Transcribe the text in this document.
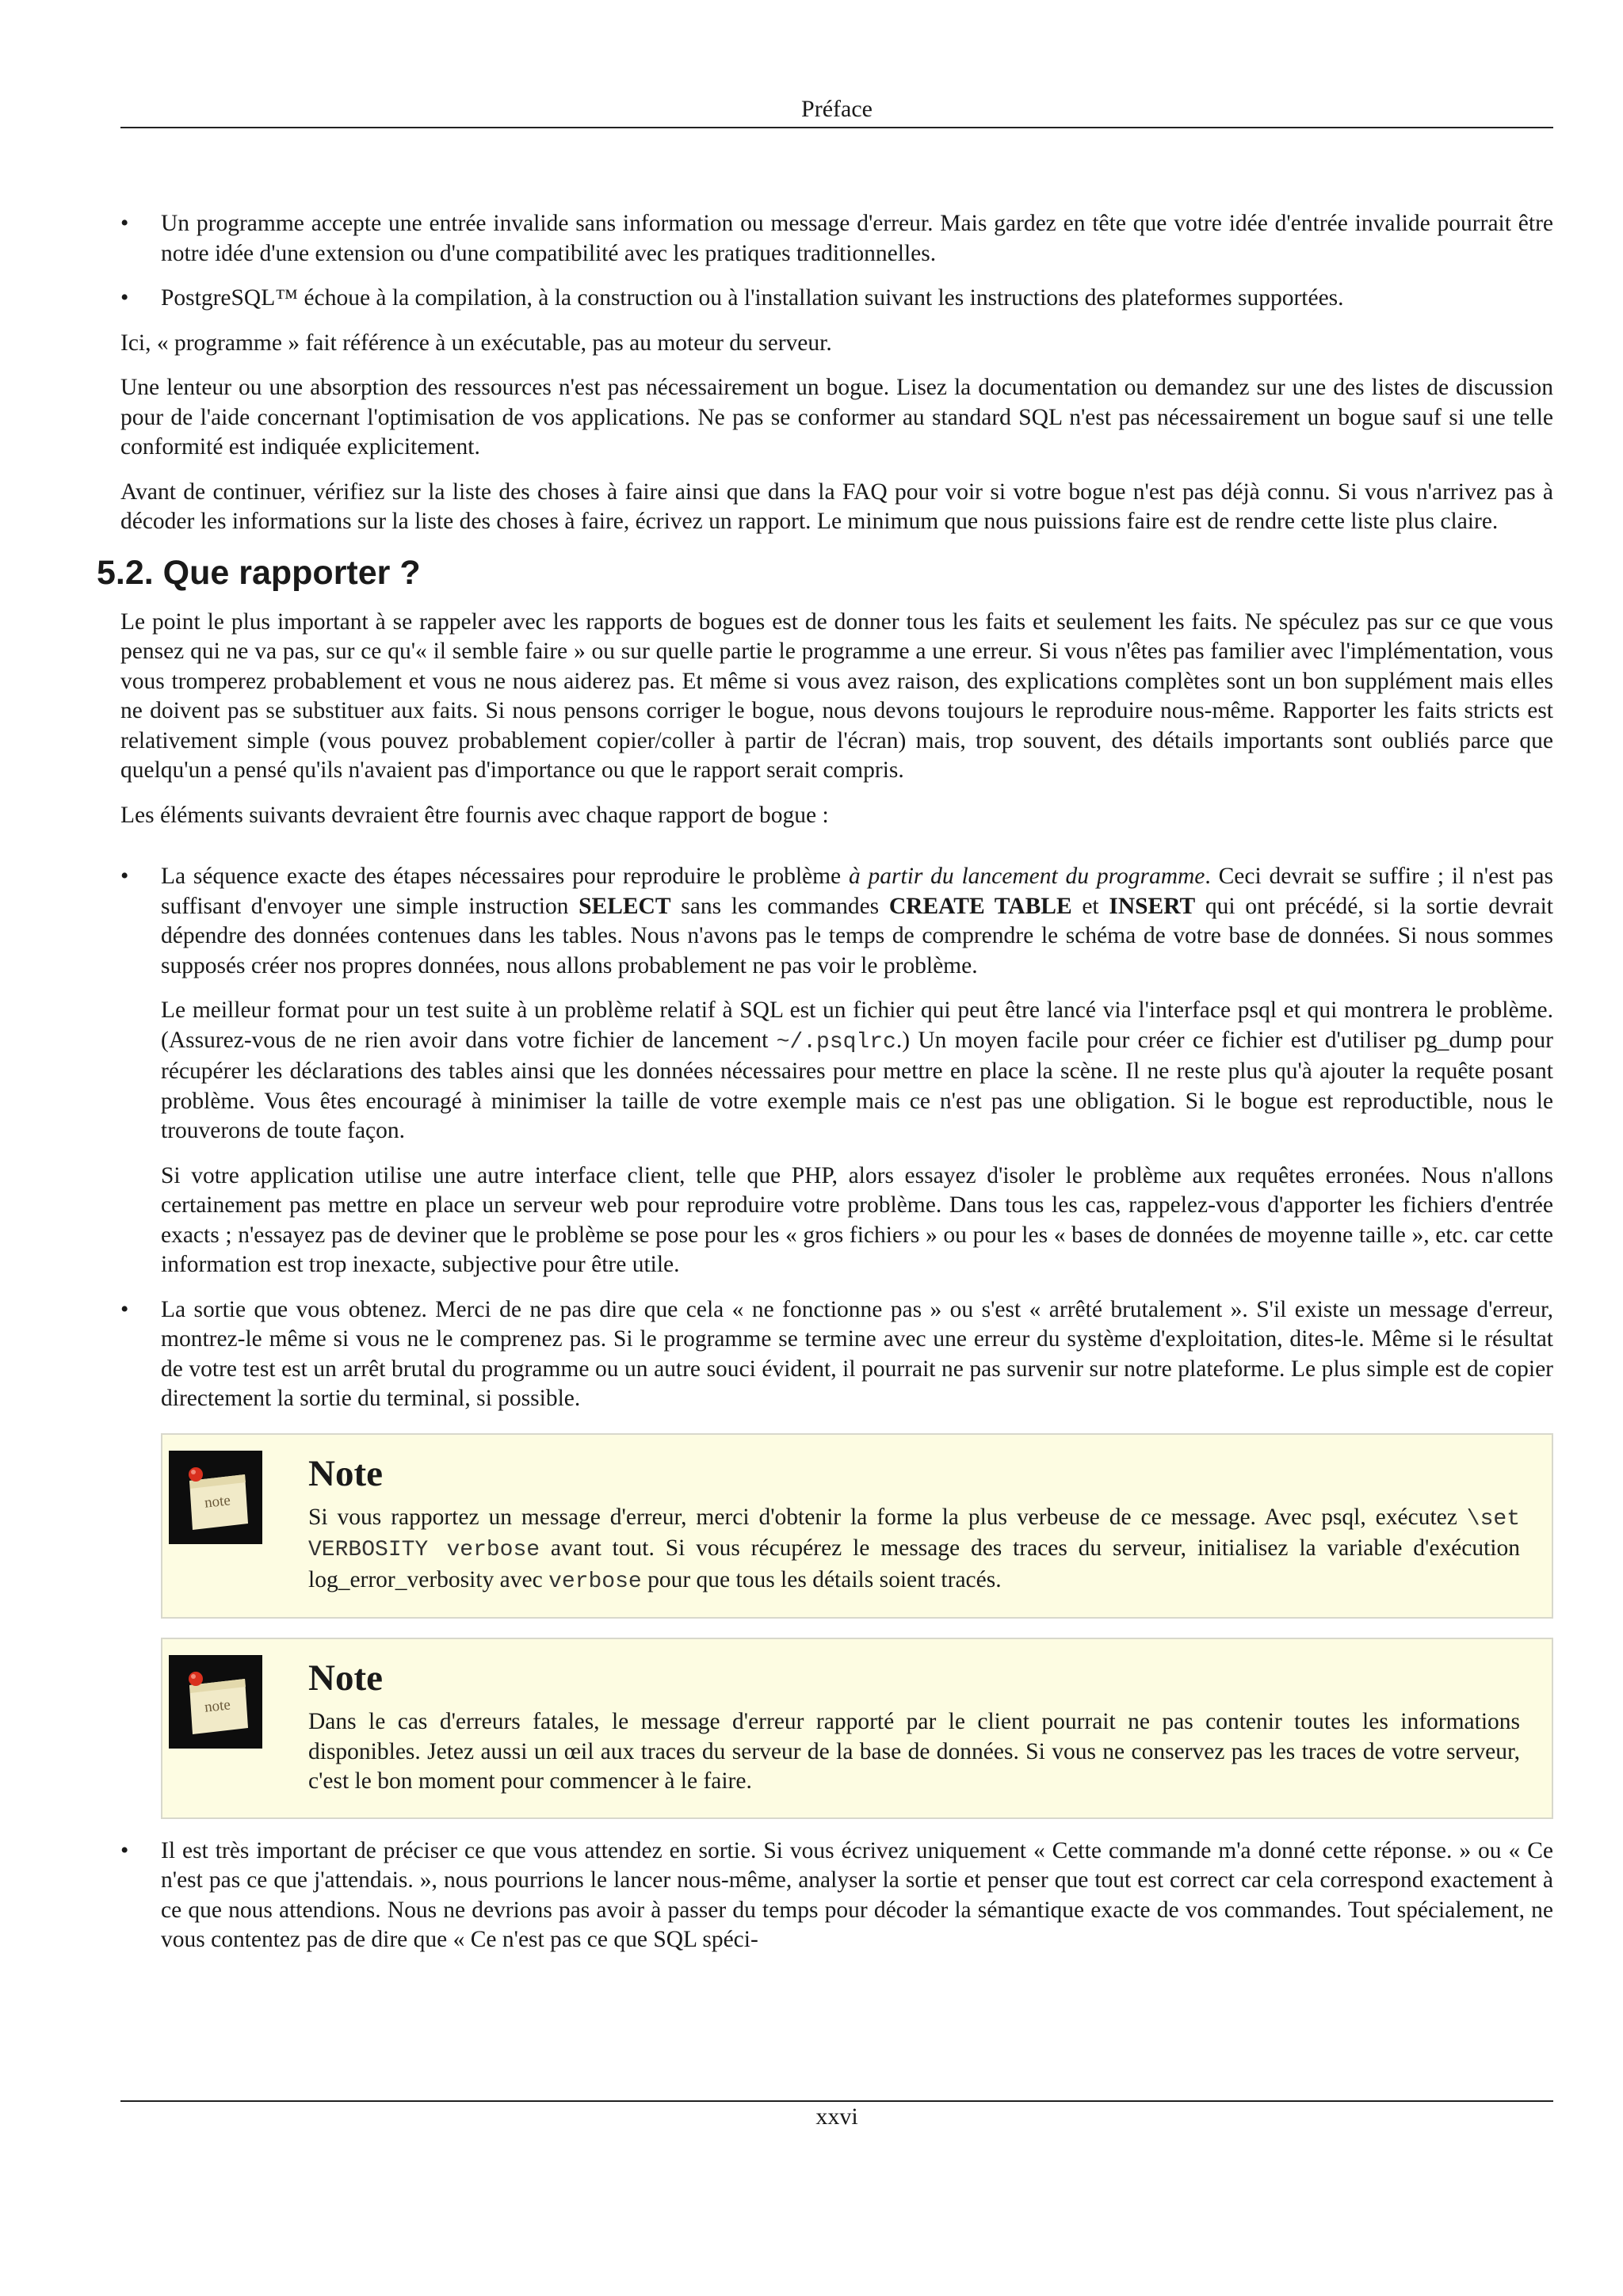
Préface
•	Un programme accepte une entrée invalide sans information ou message d'erreur. Mais gardez en tête que votre idée d'entrée invalide pourrait être notre idée d'une extension ou d'une compatibilité avec les pratiques traditionnelles.

•	PostgreSQL™ échoue à la compilation, à la construction ou à l'installation suivant les instructions des plateformes supportées.

Ici, « programme » fait référence à un exécutable, pas au moteur du serveur.

Une lenteur ou une absorption des ressources n'est pas nécessairement un bogue. Lisez la documentation ou demandez sur une des listes de discussion pour de l'aide concernant l'optimisation de vos applications. Ne pas se conformer au standard SQL n'est pas nécessairement un bogue sauf si une telle conformité est indiquée explicitement.

Avant de continuer, vérifiez sur la liste des choses à faire ainsi que dans la FAQ pour voir si votre bogue n'est pas déjà connu. Si vous n'arrivez pas à décoder les informations sur la liste des choses à faire, écrivez un rapport. Le minimum que nous puissions faire est de rendre cette liste plus claire.

5.2. Que rapporter ?

Le point le plus important à se rappeler avec les rapports de bogues est de donner tous les faits et seulement les faits. Ne spéculez pas sur ce que vous pensez qui ne va pas, sur ce qu'« il semble faire » ou sur quelle partie le programme a une erreur. Si vous n'êtes pas familier avec l'implémentation, vous vous tromperez probablement et vous ne nous aiderez pas. Et même si vous avez raison, des explications complètes sont un bon supplément mais elles ne doivent pas se substituer aux faits. Si nous pensons corriger le bogue, nous devons toujours le reproduire nous-même. Rapporter les faits stricts est relativement simple (vous pouvez probablement copier/coller à partir de l'écran) mais, trop souvent, des détails importants sont oubliés parce que quelqu'un a pensé qu'ils n'avaient pas d'importance ou que le rapport serait compris.

Les éléments suivants devraient être fournis avec chaque rapport de bogue :

•	La séquence exacte des étapes nécessaires pour reproduire le problème à partir du lancement du programme. Ceci devrait se suffire ; il n'est pas suffisant d'envoyer une simple instruction SELECT sans les commandes CREATE TABLE et INSERT qui ont précédé, si la sortie devrait dépendre des données contenues dans les tables. Nous n'avons pas le temps de comprendre le schéma de votre base de données. Si nous sommes supposés créer nos propres données, nous allons probablement ne pas voir le problème.

Le meilleur format pour un test suite à un problème relatif à SQL est un fichier qui peut être lancé via l'interface psql et qui montrera le problème. (Assurez-vous de ne rien avoir dans votre fichier de lancement ~/.psqlrc.) Un moyen facile pour créer ce fichier est d'utiliser pg_dump pour récupérer les déclarations des tables ainsi que les données nécessaires pour mettre en place la scène. Il ne reste plus qu'à ajouter la requête posant problème. Vous êtes encouragé à minimiser la taille de votre exemple mais ce n'est pas une obligation. Si le bogue est reproductible, nous le trouverons de toute façon.

Si votre application utilise une autre interface client, telle que PHP, alors essayez d'isoler le problème aux requêtes erronées. Nous n'allons certainement pas mettre en place un serveur web pour reproduire votre problème. Dans tous les cas, rappelez-vous d'apporter les fichiers d'entrée exacts ; n'essayez pas de deviner que le problème se pose pour les « gros fichiers » ou pour les « bases de données de moyenne taille », etc. car cette information est trop inexacte, subjective pour être utile.

•	La sortie que vous obtenez. Merci de ne pas dire que cela « ne fonctionne pas » ou s'est « arrêté brutalement ». S'il existe un message d'erreur, montrez-le même si vous ne le comprenez pas. Si le programme se termine avec une erreur du système d'exploitation, dites-le. Même si le résultat de votre test est un arrêt brutal du programme ou un autre souci évident, il pourrait ne pas survenir sur notre plateforme. Le plus simple est de copier directement la sortie du terminal, si possible.

note
Note

Si vous rapportez un message d'erreur, merci d'obtenir la forme la plus verbeuse de ce message. Avec psql, exécutez \set VERBOSITY verbose avant tout. Si vous récupérez le message des traces du serveur, initialisez la variable d'exécution log_error_verbosity avec verbose pour que tous les détails soient tracés.

note
Note

Dans le cas d'erreurs fatales, le message d'erreur rapporté par le client pourrait ne pas contenir toutes les informations disponibles. Jetez aussi un œil aux traces du serveur de la base de données. Si vous ne conservez pas les traces de votre serveur, c'est le bon moment pour commencer à le faire.

•	Il est très important de préciser ce que vous attendez en sortie. Si vous écrivez uniquement « Cette commande m'a donné cette réponse. » ou « Ce n'est pas ce que j'attendais. », nous pourrions le lancer nous-même, analyser la sortie et penser que tout est correct car cela correspond exactement à ce que nous attendions. Nous ne devrions pas avoir à passer du temps pour décoder la sémantique exacte de vos commandes. Tout spécialement, ne vous contentez pas de dire que « Ce n'est pas ce que SQL spéci-

xxvi
